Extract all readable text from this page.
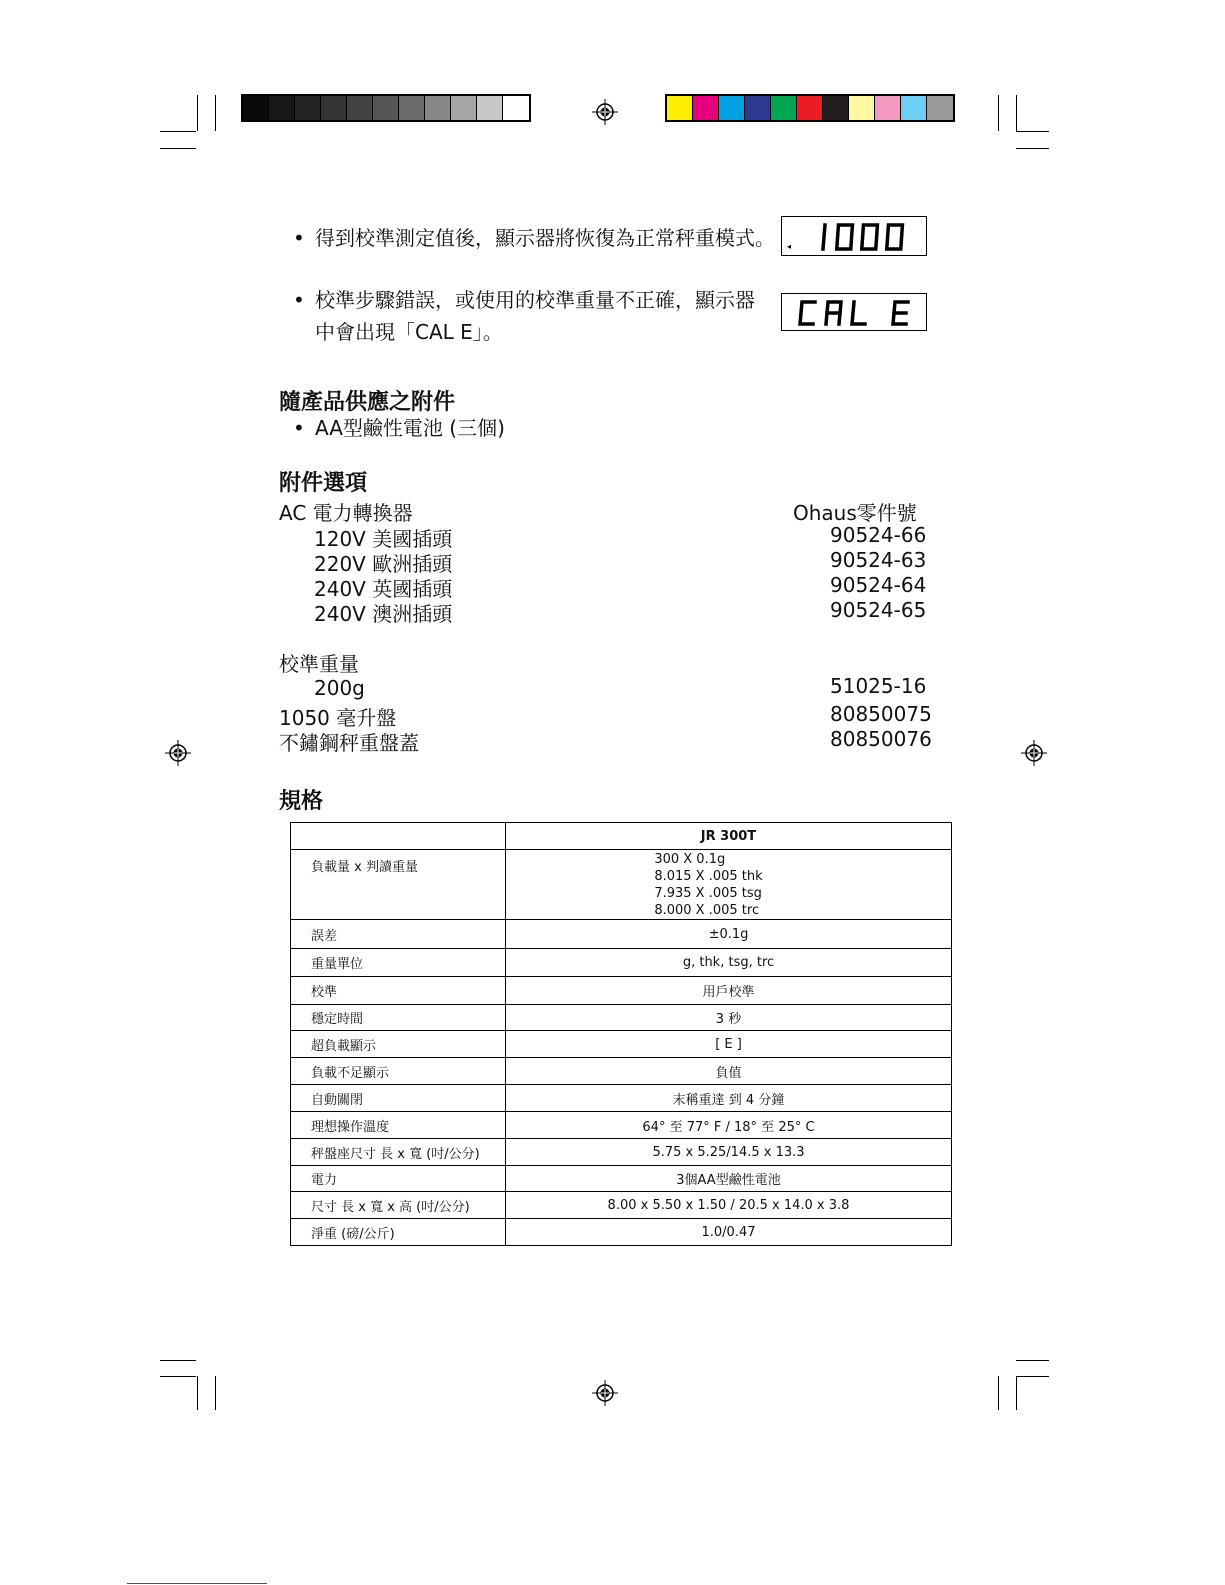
• 得到校準測定值後，顯示器將恢復為正常秤重模式。 ◂
• 校準步驟錯誤，或使用的校準重量不正確，顯示器
中會出現「CAL E」。
隨產品供應之附件
• AA型鹼性電池 (三個)
附件選項
AC 電力轉換器	Ohaus零件號
120V 美國插頭	90524-66
220V 歐洲插頭	90524-63
240V 英國插頭	90524-64
240V 澳洲插頭	90524-65
校準重量
200g	51025-16
1050 毫升盤	80850075
不鏽鋼秤重盤蓋	80850076
規格
	JR 300T
負載量 x 判讀重量	300 X 0.1g
8.015 X .005 thk
7.935 X .005 tsg
8.000 X .005 trc

誤差	±0.1g
重量單位	g, thk, tsg, trc
校準	用戶校準
穩定時間	3 秒
超負載顯示	[ E ]
負載不足顯示	負值
自動關閉	末稱重達 到 4 分鐘
理想操作溫度	64° 至 77° F / 18° 至 25° C
秤盤座尺寸 長 x 寬 (吋/公分)	5.75 x 5.25/14.5 x 13.3
電力	3個AA型鹼性電池
尺寸 長 x 寬 x 高 (吋/公分)	8.00 x 5.50 x 1.50 / 20.5 x 14.0 x 3.8
淨重 (磅/公斤)	1.0/0.47
